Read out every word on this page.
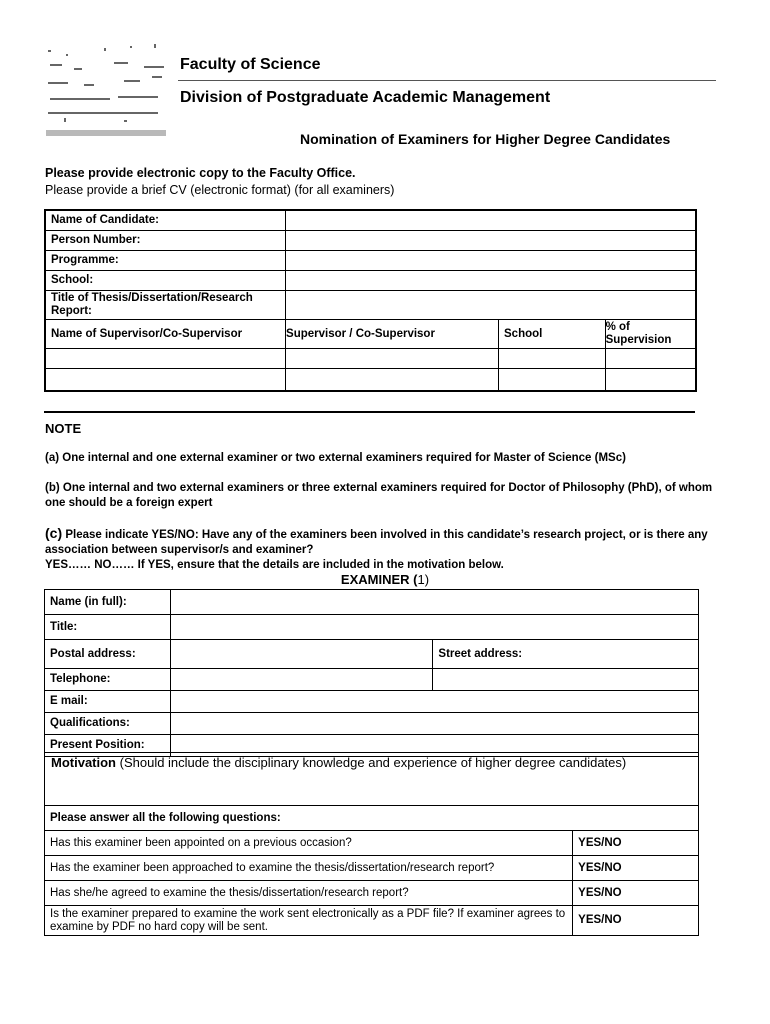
Faculty of Science
Division of Postgraduate Academic Management
Nomination of Examiners for Higher Degree Candidates
Please provide electronic copy to the Faculty Office.
Please provide a brief CV (electronic format) (for all examiners)
Name of Candidate:			
Person Number:			
Programme:			
School:			
Title of Thesis/Dissertation/Research Report:			
Name of Supervisor/Co-Supervisor	Supervisor / Co-Supervisor	School	% of Supervision

NOTE
(a) One internal and one external examiner or two external examiners required for Master of Science (MSc)
(b) One internal and two external examiners or three external examiners required for Doctor of Philosophy (PhD), of whom one should be a foreign expert
(c) Please indicate YES/NO: Have any of the examiners been involved in this candidate’s research project, or is there any association between supervisor/s and examiner?
YES…… NO…… If YES, ensure that the details are included in the motivation below.
EXAMINER (1)
Name (in full):		
Title:		
Postal address:		Street address:
Telephone:		
E mail:		
Qualifications:		
Present Position:		
Motivation (Should include the disciplinary knowledge and experience of higher degree candidates)
Please answer all the following questions:	
Has this examiner been appointed on a previous occasion?	YES/NO
Has the examiner been approached to examine the thesis/dissertation/research report?	YES/NO
Has she/he agreed to examine the thesis/dissertation/research report?	YES/NO
Is the examiner prepared to examine the work sent electronically as a PDF file? If examiner agrees to examine by PDF no hard copy will be sent.	YES/NO
